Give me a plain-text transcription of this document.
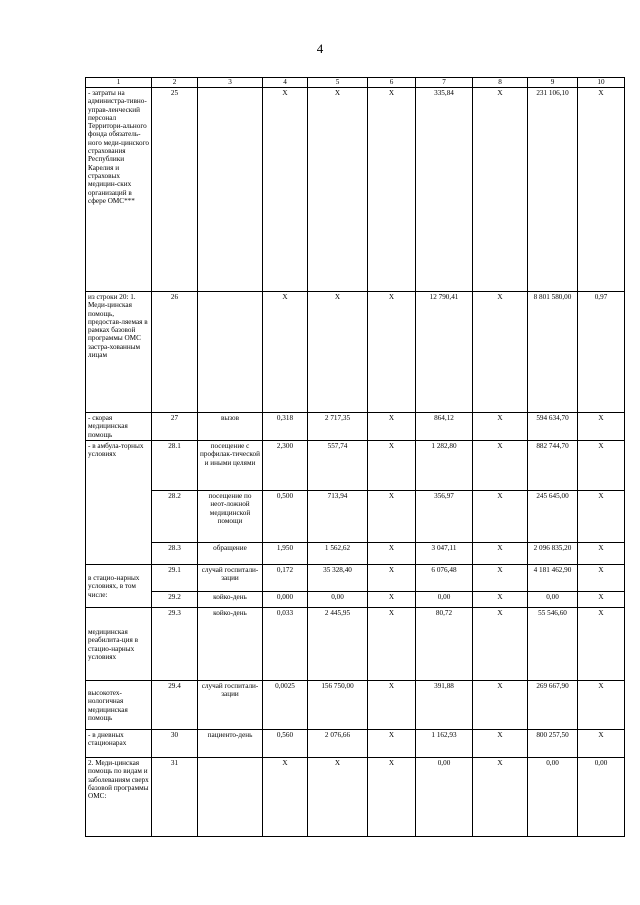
4
1	2	3	4	5	6	7	8	9	10
- затраты на администра-тивно-управ-ленческий персонал Территори-ального фонда обязатель-ного меди-цинского страхования Республики Карелия и страховых медицин-ских организаций в сфере ОМС***	25		Х	Х	Х	335,84	Х	231 106,10	Х
из строки 20: 1. Меди-цинская помощь, предостав-ляемая в рамках базовой программы ОМС застра-хованным лицам	26		Х	Х	Х	12 790,41	Х	8 801 580,00	0,97
- скорая медицинская помощь	27	вызов	0,318	2 717,35	Х	864,12	Х	594 634,70	Х
- в амбула-торных условиях	28.1	посещение с профилак-тической и иными целями	2,300	557,74	Х	1 282,80	Х	882 744,70	Х
	28.2	посещение по неот-ложной медицинской помощи	0,500	713,94	Х	356,97	Х	245 645,00	Х
	28.3	обращение	1,950	1 562,62	Х	3 047,11	Х	2 096 835,20	Х
в стацио-нарных условиях, в том числе:	29.1	случай госпитали-зации	0,172	35 328,40	Х	6 076,48	Х	4 181 462,90	Х
	29.2	койко-день	0,000	0,00	Х	0,00	Х	0,00	Х
медицинская реабилита-ция в стацио-нарных условиях	29.3	койко-день	0,033	2 445,95	Х	80,72	Х	55 546,60	Х
высокотех-нологичная медицинская помощь	29.4	случай госпитали-зации	0,0025	156 750,00	Х	391,88	Х	269 667,90	Х
- в дневных стационарах	30	пациенто-день	0,560	2 076,66	Х	1 162,93	Х	800 257,50	Х
2. Меди-цинская помощь по видам и заболеваниям сверх базовой программы ОМС:	31		Х	Х	Х	0,00	Х	0,00	0,00
